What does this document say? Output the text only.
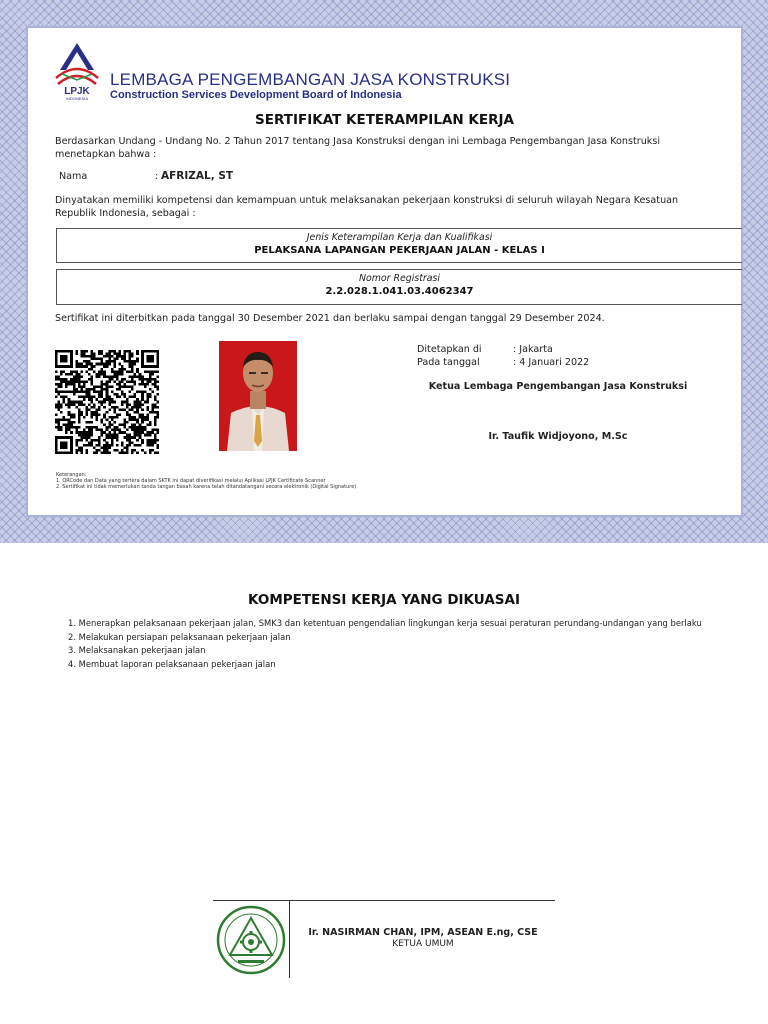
LPJK
INDONESIA
LEMBAGA PENGEMBANGAN JASA KONSTRUKSI
Construction Services Development Board of Indonesia
SERTIFIKAT KETERAMPILAN KERJA
Berdasarkan Undang - Undang No. 2 Tahun 2017 tentang Jasa Konstruksi dengan ini Lembaga Pengembangan Jasa Konstruksi menetapkan bahwa :
Nama	: AFRIZAL, ST
Dinyatakan memiliki kompetensi dan kemampuan untuk melaksanakan pekerjaan konstruksi di seluruh wilayah Negara Kesatuan Republik Indonesia, sebagai :
Jenis Keterampilan Kerja dan Kualifikasi
PELAKSANA LAPANGAN PEKERJAAN JALAN - KELAS I
Nomor Registrasi
2.2.028.1.041.03.4062347
Sertifikat ini diterbitkan pada tanggal 30 Desember 2021 dan berlaku sampai dengan tanggal 29 Desember 2024.
Ditetapkan di	: Jakarta
Pada tanggal	: 4 Januari 2022
Ketua Lembaga Pengembangan Jasa Konstruksi
Ir. Taufik Widjoyono, M.Sc
Keterangan:
1. QRCode dan Data yang tertera dalam SKTK ini dapat diverifikasi melalui Aplikasi LPJK Certificate Scanner
2. Sertifikat ini tidak memerlukan tanda tangan basah karena telah ditandatangani secara elektronik (Digital Signature)
KOMPETENSI KERJA YANG DIKUASAI
1. Menerapkan pelaksanaan pekerjaan jalan, SMK3 dan ketentuan pengendalian lingkungan kerja sesuai peraturan perundang-undangan yang berlaku
2. Melakukan persiapan pelaksanaan pekerjaan jalan
3. Melaksanakan pekerjaan jalan
4. Membuat laporan pelaksanaan pekerjaan jalan
Ir. NASIRMAN CHAN, IPM, ASEAN E.ng, CSE
KETUA UMUM
